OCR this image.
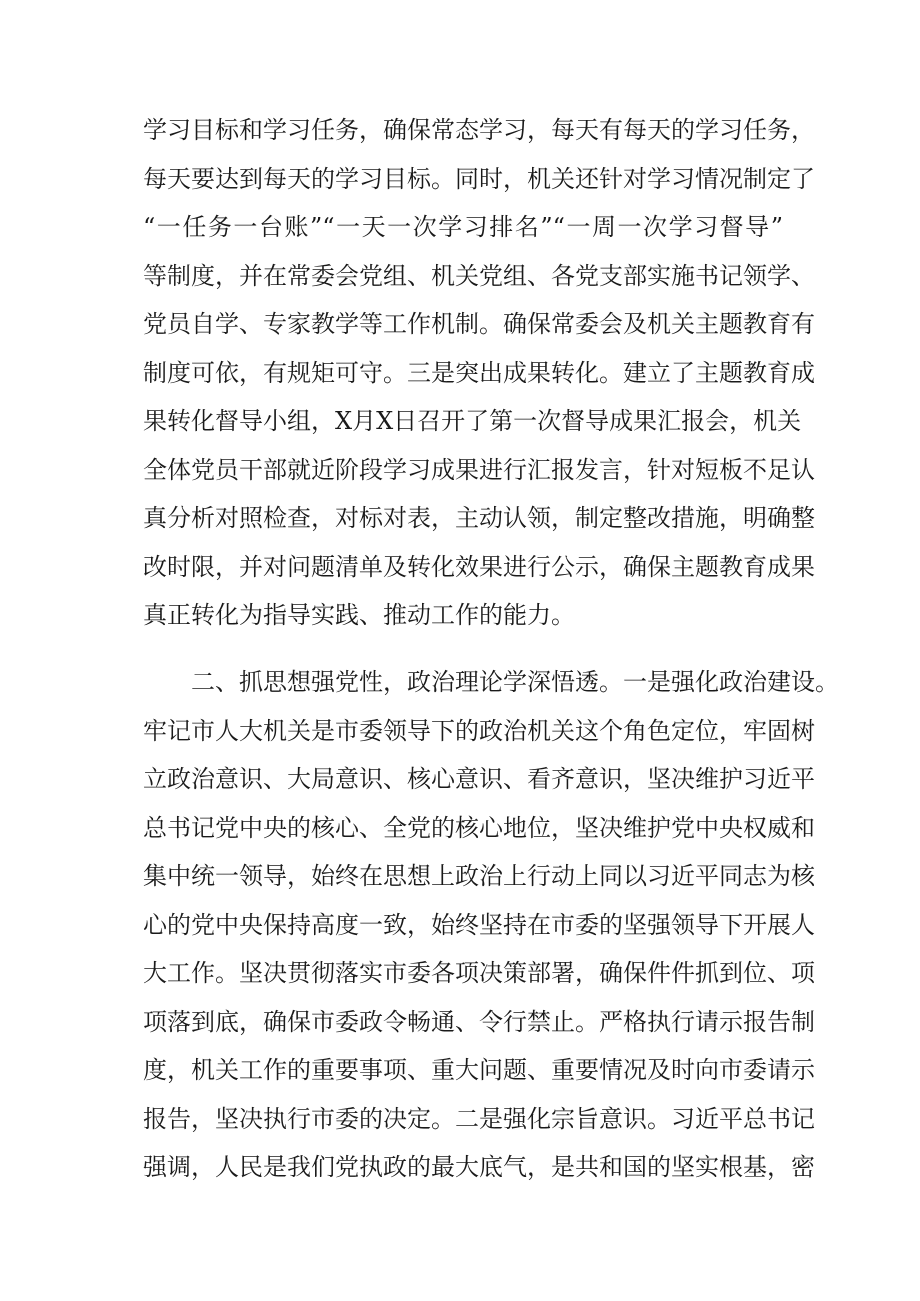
学习目标和学习任务，确保常态学习，每天有每天的学习任务，
每天要达到每天的学习目标。同时，机关还针对学习情况制定了
“一任务一台账”“一天一次学习排名”“一周一次学习督导”
等制度，并在常委会党组、机关党组、各党支部实施书记领学、
党员自学、专家教学等工作机制。确保常委会及机关主题教育有
制度可依，有规矩可守。三是突出成果转化。建立了主题教育成
果转化督导小组，X月X日召开了第一次督导成果汇报会，机关
全体党员干部就近阶段学习成果进行汇报发言，针对短板不足认
真分析对照检查，对标对表，主动认领，制定整改措施，明确整
改时限，并对问题清单及转化效果进行公示，确保主题教育成果
真正转化为指导实践、推动工作的能力。
二、抓思想强党性，政治理论学深悟透。一是强化政治建设。
牢记市人大机关是市委领导下的政治机关这个角色定位，牢固树
立政治意识、大局意识、核心意识、看齐意识，坚决维护习近平
总书记党中央的核心、全党的核心地位，坚决维护党中央权威和
集中统一领导，始终在思想上政治上行动上同以习近平同志为核
心的党中央保持高度一致，始终坚持在市委的坚强领导下开展人
大工作。坚决贯彻落实市委各项决策部署，确保件件抓到位、项
项落到底，确保市委政令畅通、令行禁止。严格执行请示报告制
度，机关工作的重要事项、重大问题、重要情况及时向市委请示
报告，坚决执行市委的决定。二是强化宗旨意识。习近平总书记
强调，人民是我们党执政的最大底气，是共和国的坚实根基，密
